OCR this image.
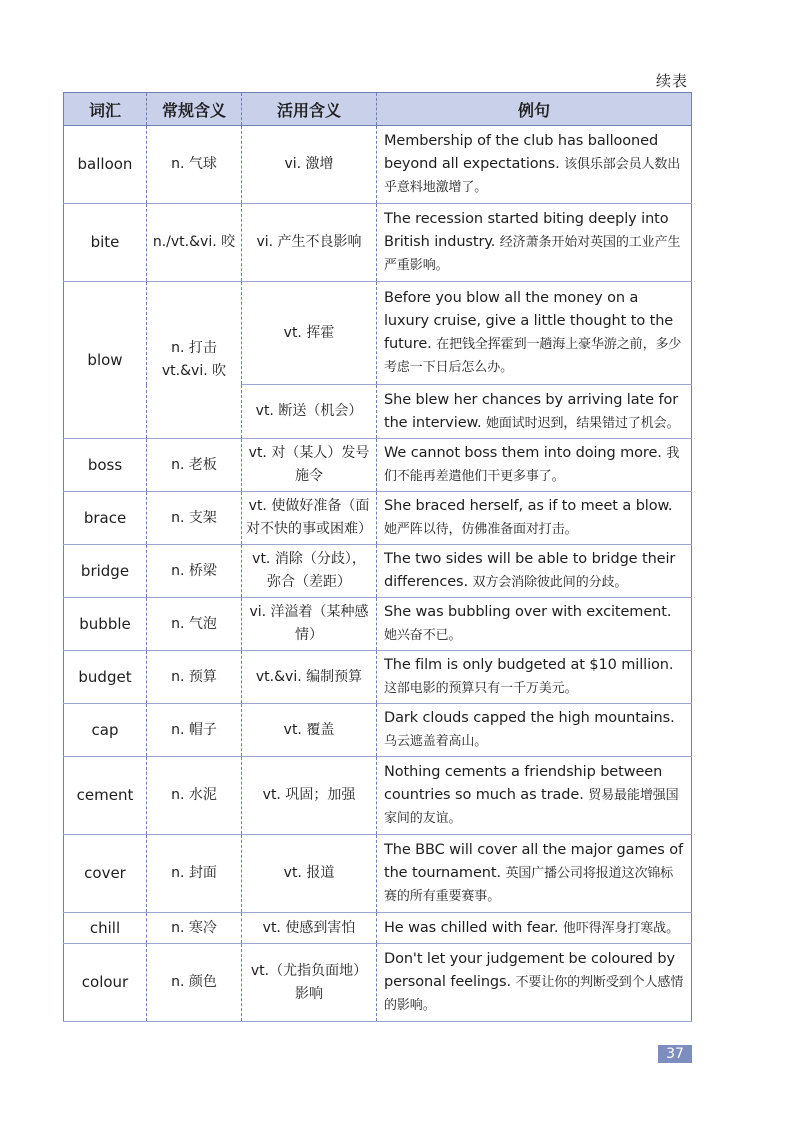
续表
词汇	常规含义	活用含义	例句
balloon	n. 气球	vi. 激增	Membership of the club has ballooned beyond all expectations. 该俱乐部会员人数出乎意料地激增了。
bite	n./vt.&vi. 咬	vi. 产生不良影响	The recession started biting deeply into British industry. 经济萧条开始对英国的工业产生严重影响。
blow	n. 打击 vt.&vi. 吹	vt. 挥霍	Before you blow all the money on a luxury cruise, give a little thought to the future. 在把钱全挥霍到一趟海上豪华游之前，多少考虑一下日后怎么办。
		vt. 断送（机会）	She blew her chances by arriving late for the interview. 她面试时迟到，结果错过了机会。
boss	n. 老板	vt. 对（某人）发号施令	We cannot boss them into doing more. 我们不能再差遣他们干更多事了。
brace	n. 支架	vt. 使做好准备（面对不快的事或困难）	She braced herself, as if to meet a blow. 她严阵以待，仿佛准备面对打击。
bridge	n. 桥梁	vt. 消除（分歧），弥合（差距）	The two sides will be able to bridge their differences. 双方会消除彼此间的分歧。
bubble	n. 气泡	vi. 洋溢着（某种感情）	She was bubbling over with excitement. 她兴奋不已。
budget	n. 预算	vt.&vi. 编制预算	The film is only budgeted at $10 million. 这部电影的预算只有一千万美元。
cap	n. 帽子	vt. 覆盖	Dark clouds capped the high mountains. 乌云遮盖着高山。
cement	n. 水泥	vt. 巩固；加强	Nothing cements a friendship between countries so much as trade. 贸易最能增强国家间的友谊。
cover	n. 封面	vt. 报道	The BBC will cover all the major games of the tournament. 英国广播公司将报道这次锦标赛的所有重要赛事。
chill	n. 寒冷	vt. 使感到害怕	He was chilled with fear. 他吓得浑身打寒战。
colour	n. 颜色	vt.（尤指负面地）影响	Don't let your judgement be coloured by personal feelings. 不要让你的判断受到个人感情的影响。
37
